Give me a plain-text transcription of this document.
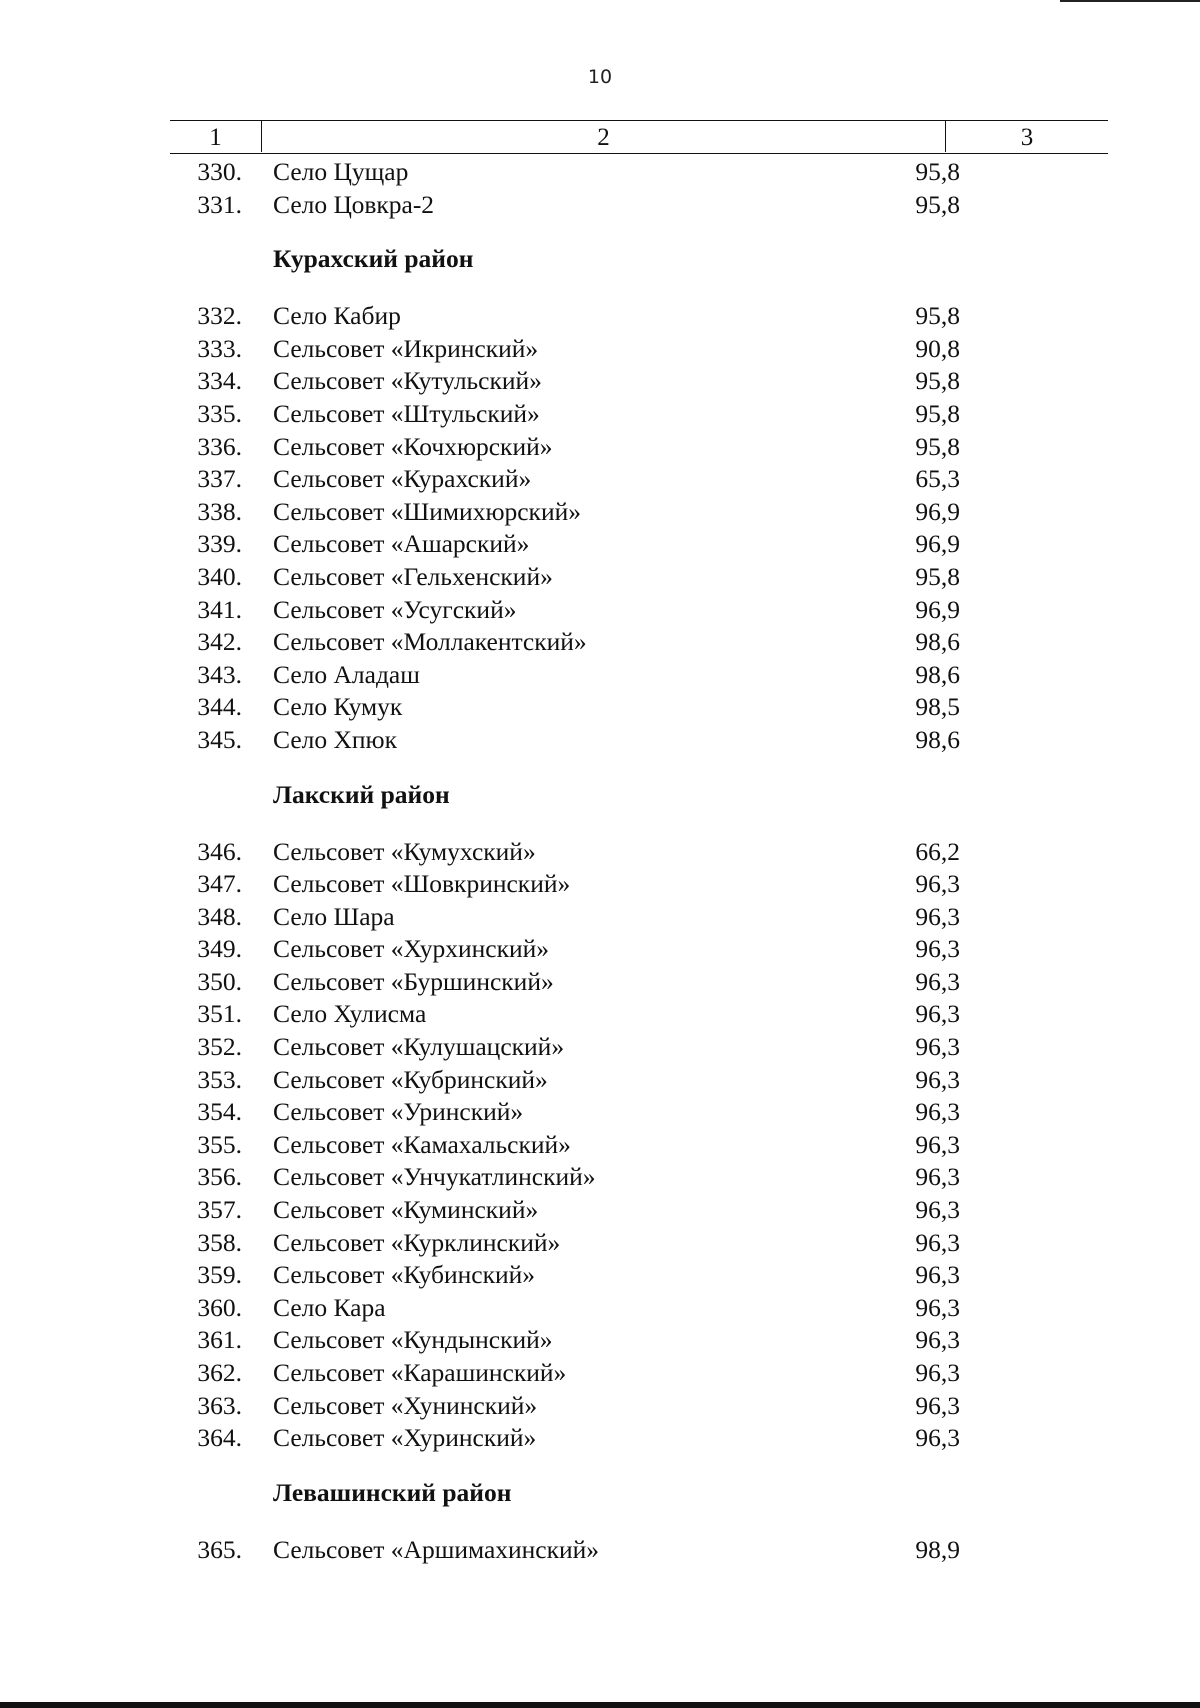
10
1	2	3
330. Село Цущар	95,8
331. Село Цовкра-2	95,8
Курахский район
332. Село Кабир	95,8
333. Сельсовет «Икринский»	90,8
334. Сельсовет «Кутульский»	95,8
335. Сельсовет «Штульский»	95,8
336. Сельсовет «Кочхюрский»	95,8
337. Сельсовет «Курахский»	65,3
338. Сельсовет «Шимихюрский»	96,9
339. Сельсовет «Ашарский»	96,9
340. Сельсовет «Гельхенский»	95,8
341. Сельсовет «Усугский»	96,9
342. Сельсовет «Моллакентский»	98,6
343. Село Аладаш	98,6
344. Село Кумук	98,5
345. Село Хпюк	98,6
Лакский район
346. Сельсовет «Кумухский»	66,2
347. Сельсовет «Шовкринский»	96,3
348. Село Шара	96,3
349. Сельсовет «Хурхинский»	96,3
350. Сельсовет «Буршинский»	96,3
351. Село Хулисма	96,3
352. Сельсовет «Кулушацский»	96,3
353. Сельсовет «Кубринский»	96,3
354. Сельсовет «Уринский»	96,3
355. Сельсовет «Камахальский»	96,3
356. Сельсовет «Унчукатлинский»	96,3
357. Сельсовет «Куминский»	96,3
358. Сельсовет «Курклинский»	96,3
359. Сельсовет «Кубинский»	96,3
360. Село Кара	96,3
361. Сельсовет «Кундынский»	96,3
362. Сельсовет «Карашинский»	96,3
363. Сельсовет «Хунинский»	96,3
364. Сельсовет «Хуринский»	96,3
Левашинский район
365. Сельсовет «Аршимахинский»	98,9
